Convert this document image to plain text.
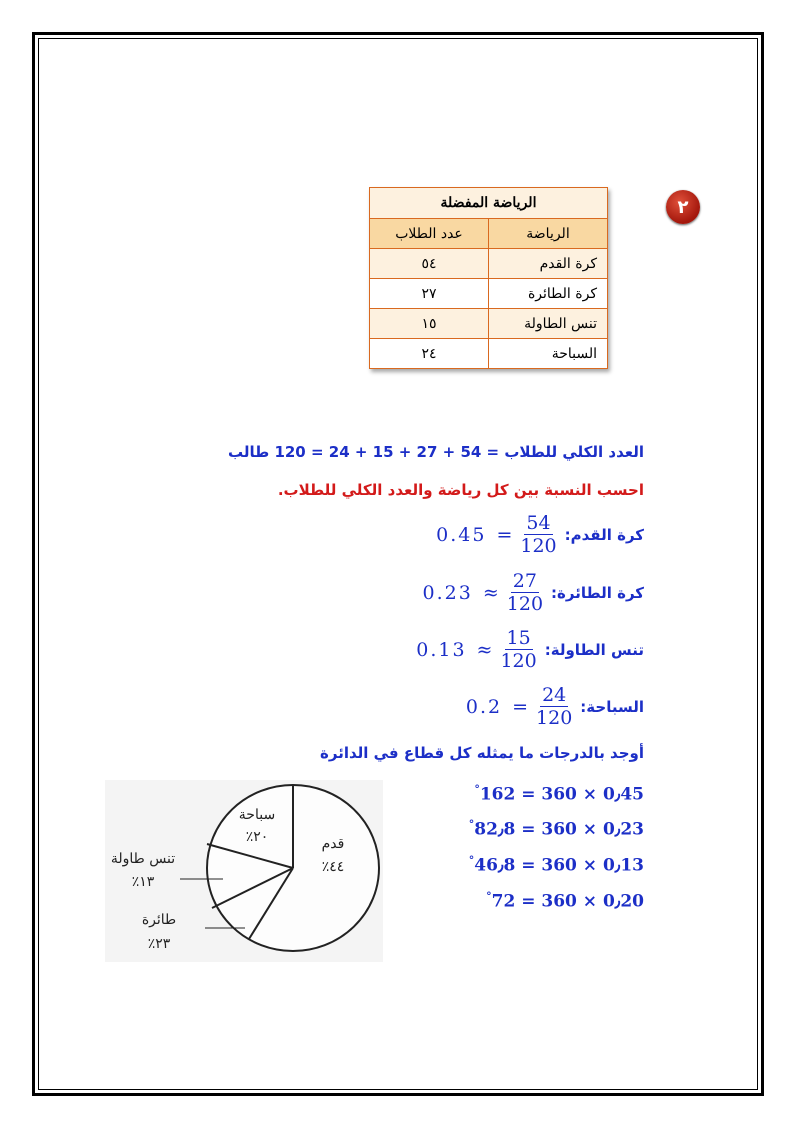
٢
الرياضة المفضلة	
الرياضة	عدد الطلاب
كرة القدم	٥٤
كرة الطائرة	٢٧
تنس الطاولة	١٥
السباحة	٢٤
العدد الكلي للطلاب = 54 + 27 + 15 + 24 = 120 طالب
احسب النسبة بين كل رياضة والعدد الكلي للطلاب.
كرة القدم:
$0.45 = \frac{54}{120}$
كرة الطائرة:
$0.23 \approx \frac{27}{120}$
تنس الطاولة:
$0.13 \approx \frac{15}{120}$
السباحة:
$0.2 = \frac{24}{120}$
أوجد بالدرجات ما يمثله كل قطاع في الدائرة
°162 = 360 × 0٫45
°82٫8 = 360 × 0٫23
°46٫8 = 360 × 0٫13
°72 = 360 × 0٫20
قدم
٪٤٤
سباحة
٪٢٠
تنس طاولة
٪١٣
طائرة
٪٢٣
